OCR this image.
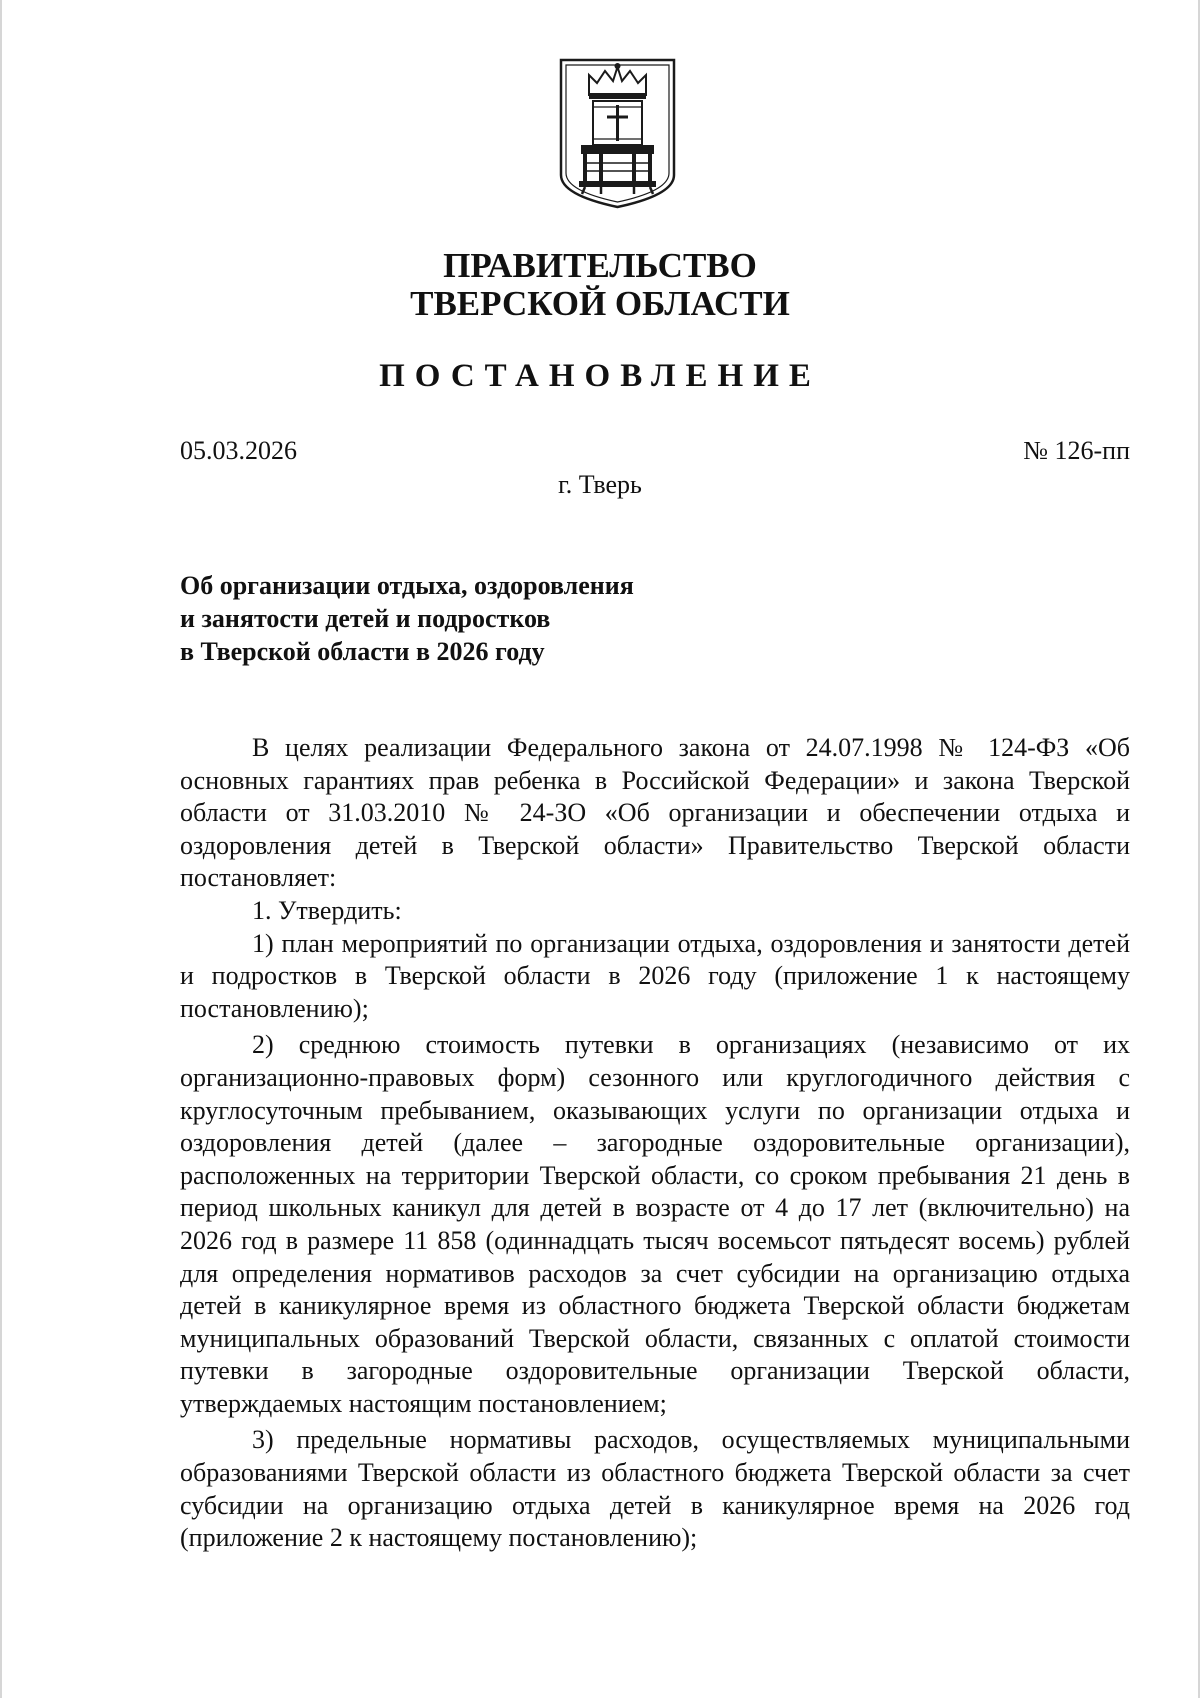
ПРАВИТЕЛЬСТВО
ТВЕРСКОЙ ОБЛАСТИ
ПОСТАНОВЛЕНИЕ
05.03.2026	№ 126-пп
г. Тверь
Об организации отдыха, оздоровления
и занятости детей и подростков
в Тверской области в 2026 году

В целях реализации Федерального закона от 24.07.1998 № 124-ФЗ «Об основных гарантиях прав ребенка в Российской Федерации» и закона Тверской области от 31.03.2010 № 24-ЗО «Об организации и обеспечении отдыха и оздоровления детей в Тверской области» Правительство Тверской области постановляет:

1. Утвердить:

1) план мероприятий по организации отдыха, оздоровления и занятости детей и подростков в Тверской области в 2026 году (приложение 1 к настоящему постановлению);

2) среднюю стоимость путевки в организациях (независимо от их организационно-правовых форм) сезонного или круглогодичного действия с круглосуточным пребыванием, оказывающих услуги по организации отдыха и оздоровления детей (далее – загородные оздоровительные организации), расположенных на территории Тверской области, со сроком пребывания 21 день в период школьных каникул для детей в возрасте от 4 до 17 лет (включительно) на 2026 год в размере 11 858 (одиннадцать тысяч восемьсот пятьдесят восемь) рублей для определения нормативов расходов за счет субсидии на организацию отдыха детей в каникулярное время из областного бюджета Тверской области бюджетам муниципальных образований Тверской области, связанных с оплатой стоимости путевки в загородные оздоровительные организации Тверской области, утверждаемых настоящим постановлением;

3) предельные нормативы расходов, осуществляемых муниципальными образованиями Тверской области из областного бюджета Тверской области за счет субсидии на организацию отдыха детей в каникулярное время на 2026 год (приложение 2 к настоящему постановлению);
